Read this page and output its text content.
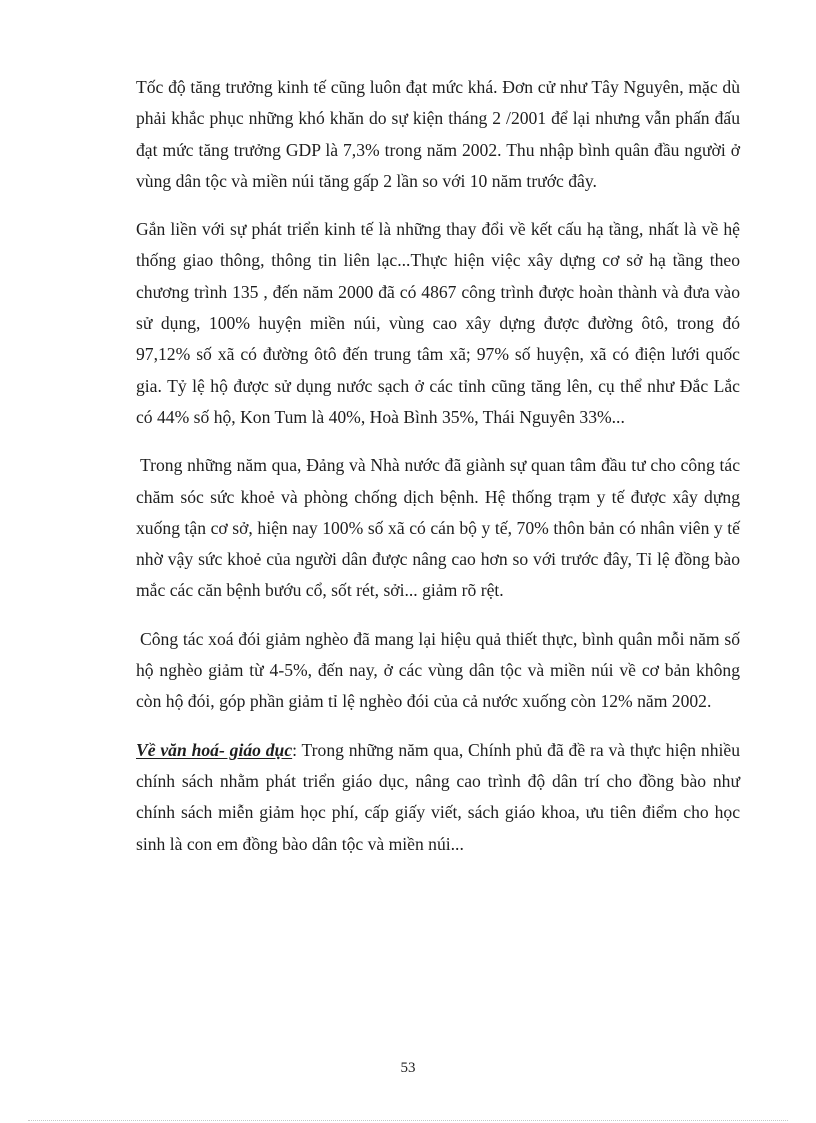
Tốc độ tăng trưởng kinh tế cũng luôn đạt mức khá. Đơn cử như Tây Nguyên, mặc dù phải khắc phục những khó khăn do sự kiện tháng 2 /2001 để lại nhưng vẫn phấn đấu đạt mức tăng trưởng GDP là 7,3% trong năm 2002. Thu nhập bình quân đầu người ở vùng dân tộc và miền núi tăng gấp 2 lần so với 10 năm trước đây.

Gắn liền với sự phát triển kinh tế là những thay đổi về kết cấu hạ tầng, nhất là về hệ thống giao thông, thông tin liên lạc...Thực hiện việc xây dựng cơ sở hạ tầng theo chương trình 135 , đến năm 2000 đã có 4867 công trình được hoàn thành và đưa vào sử dụng, 100% huyện miền núi, vùng cao xây dựng được đường ôtô, trong đó 97,12% số xã có đường ôtô đến trung tâm xã; 97% số huyện, xã có điện lưới quốc gia. Tỷ lệ hộ được sử dụng nước sạch ở các tỉnh cũng tăng lên, cụ thể như Đắc Lắc có 44% số hộ, Kon Tum là 40%, Hoà Bình 35%, Thái Nguyên 33%...

Trong những năm qua, Đảng và Nhà nước đã giành sự quan tâm đầu tư cho công tác chăm sóc sức khoẻ và phòng chống dịch bệnh. Hệ thống trạm y tế được xây dựng xuống tận cơ sở, hiện nay 100% số xã có cán bộ y tế, 70% thôn bản có nhân viên y tế nhờ vậy sức khoẻ của người dân được nâng cao hơn so với trước đây, Tỉ lệ đồng bào mắc các căn bệnh bướu cổ, sốt rét, sởi... giảm rõ rệt.

Công tác xoá đói giảm nghèo đã mang lại hiệu quả thiết thực, bình quân mỗi năm số hộ nghèo giảm từ 4-5%, đến nay, ở các vùng dân tộc và miền núi về cơ bản không còn hộ đói, góp phần giảm tỉ lệ nghèo đói của cả nước xuống còn 12% năm 2002.

Về văn hoá- giáo dục: Trong những năm qua, Chính phủ đã đề ra và thực hiện nhiều chính sách nhằm phát triển giáo dục, nâng cao trình độ dân trí cho đồng bào như chính sách miễn giảm học phí, cấp giấy viết, sách giáo khoa, ưu tiên điểm cho học sinh là con em đồng bào dân tộc và miền núi...

53
